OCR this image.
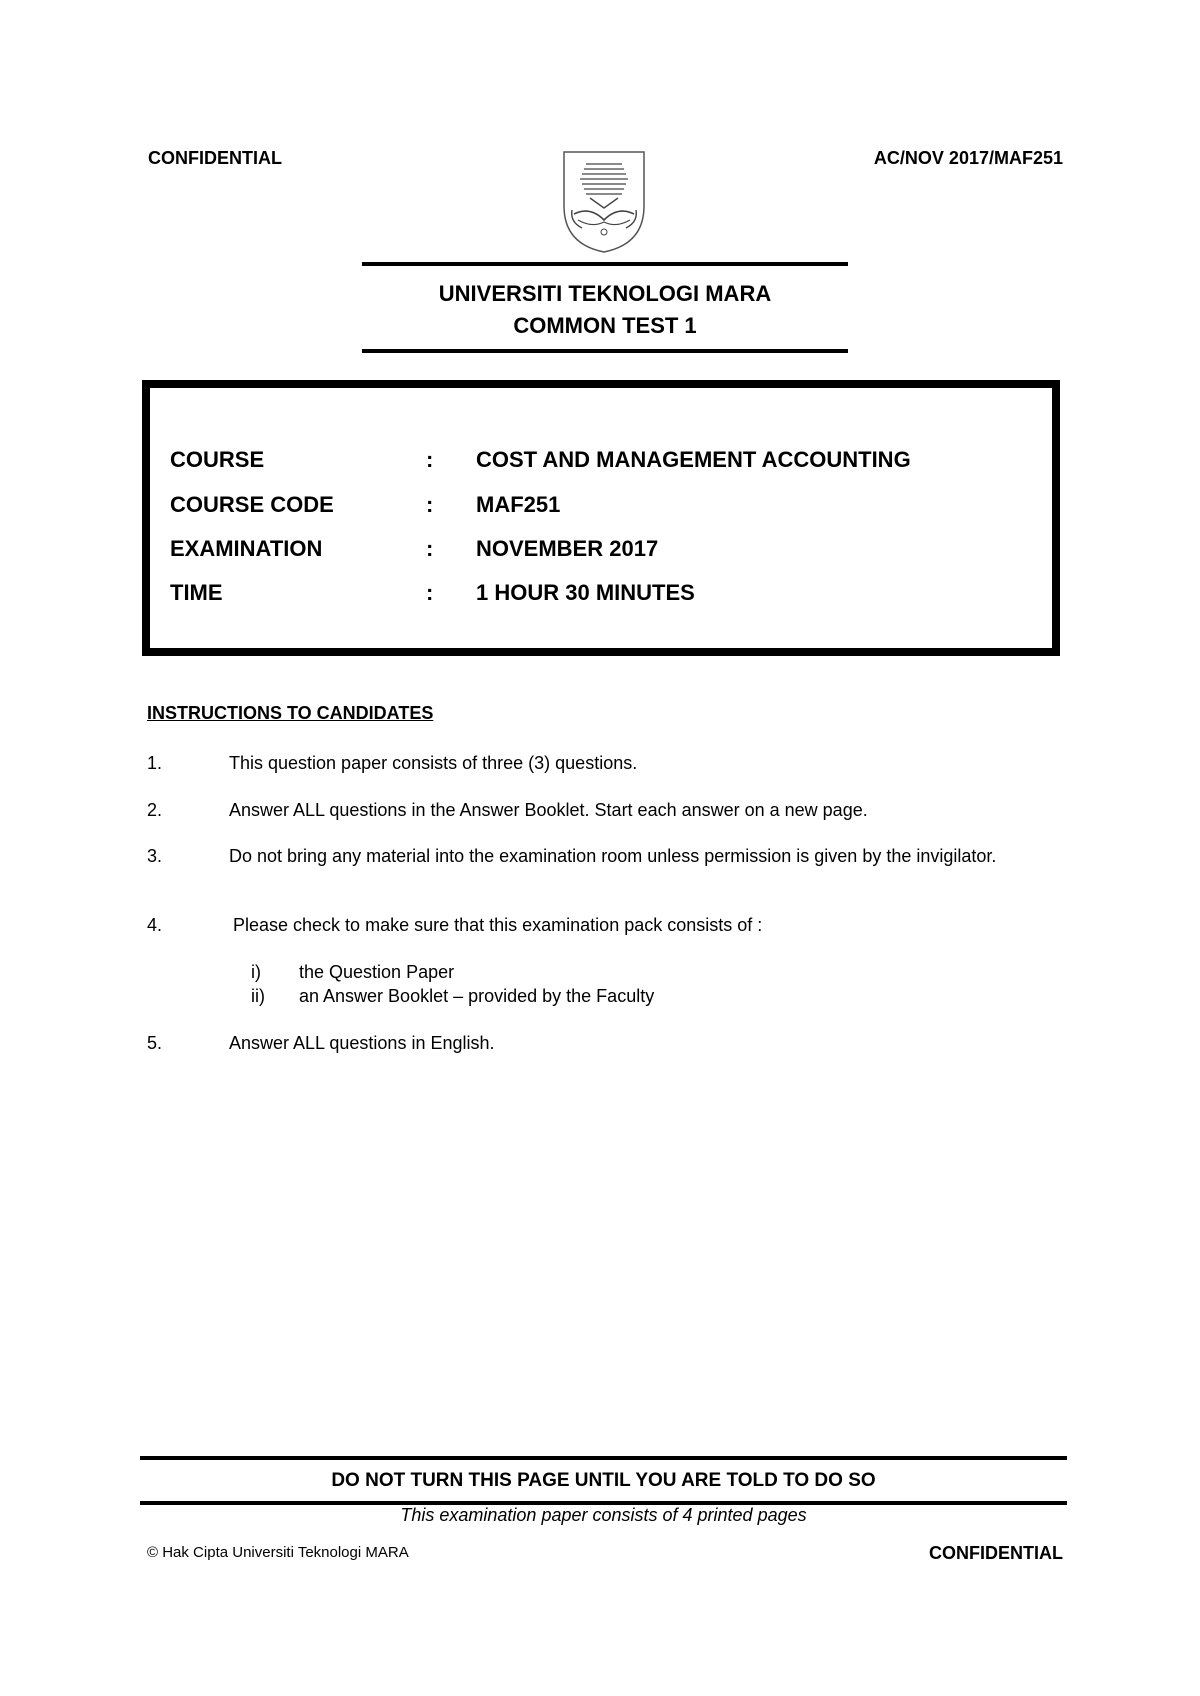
CONFIDENTIAL	AC/NOV 2017/MAF251
UNIVERSITI TEKNOLOGI MARA
COMMON TEST 1
COURSE	: COST AND MANAGEMENT ACCOUNTING
COURSE CODE	: MAF251
EXAMINATION	: NOVEMBER 2017
TIME	: 1 HOUR 30 MINUTES
INSTRUCTIONS TO CANDIDATES
1.	This question paper consists of three (3) questions.
2.	Answer ALL questions in the Answer Booklet. Start each answer on a new page.
3.	Do not bring any material into the examination room unless permission is given by the invigilator.
4.	Please check to make sure that this examination pack consists of :
i) the Question Paper
ii) an Answer Booklet – provided by the Faculty
5.	Answer ALL questions in English.
DO NOT TURN THIS PAGE UNTIL YOU ARE TOLD TO DO SO
This examination paper consists of 4 printed pages
© Hak Cipta Universiti Teknologi MARA	CONFIDENTIAL
